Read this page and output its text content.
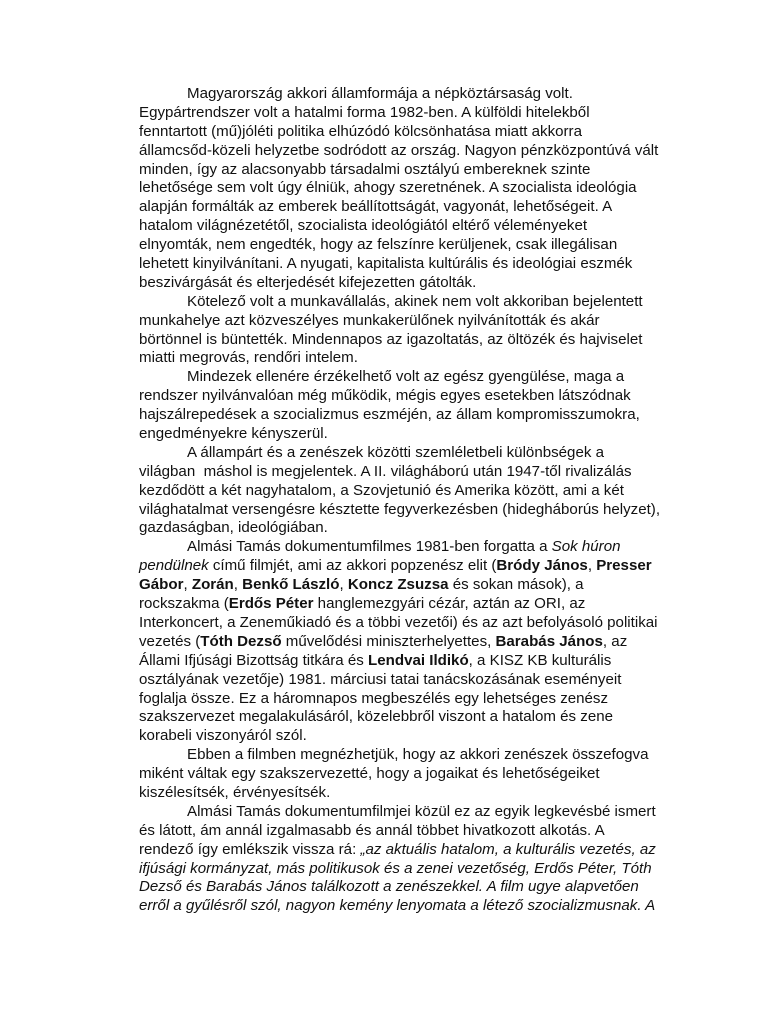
Magyarország akkori államformája a népköztársaság volt.
Egypártrendszer volt a hatalmi forma 1982-ben. A külföldi hitelekből
fenntartott (mű)jóléti politika elhúzódó kölcsönhatása miatt akkorra
államcsőd-közeli helyzetbe sodródott az ország. Nagyon pénzközpontúvá vált
minden, így az alacsonyabb társadalmi osztályú embereknek szinte
lehetősége sem volt úgy élniük, ahogy szeretnének. A szocialista ideológia
alapján formálták az emberek beállítottságát, vagyonát, lehetőségeit. A
hatalom világnézetétől, szocialista ideológiától eltérő véleményeket
elnyomták, nem engedték, hogy az felszínre kerüljenek, csak illegálisan
lehetett kinyilvánítani. A nyugati, kapitalista kultúrális és ideológiai eszmék
beszivárgását és elterjedését kifejezetten gátolták.
Kötelező volt a munkavállalás, akinek nem volt akkoriban bejelentett
munkahelye azt közveszélyes munkakerülőnek nyilvánították és akár
börtönnel is büntették. Mindennapos az igazoltatás, az öltözék és hajviselet
miatti megrovás, rendőri intelem.
Mindezek ellenére érzékelhető volt az egész gyengülése, maga a
rendszer nyilvánvalóan még működik, mégis egyes esetekben látszódnak
hajszálrepedések a szocializmus eszméjén, az állam kompromisszumokra,
engedményekre kényszerül.
A állampárt és a zenészek közötti szemléletbeli különbségek a
világban  máshol is megjelentek. A II. világháború után 1947-től rivalizálás
kezdődött a két nagyhatalom, a Szovjetunió és Amerika között, ami a két
világhatalmat versengésre késztette fegyverkezésben (hidegháborús helyzet),
gazdaságban, ideológiában.
Almási Tamás dokumentumfilmes 1981-ben forgatta a Sok húron
pendülnek című filmjét, ami az akkori popzenész elit (Bródy János, Presser
Gábor, Zorán, Benkő László, Koncz Zsuzsa és sokan mások), a
rockszakma (Erdős Péter hanglemezgyári cézár, aztán az ORI, az
Interkoncert, a Zeneműkiadó és a többi vezetői) és az azt befolyásoló politikai
vezetés (Tóth Dezső művelődési miniszterhelyettes, Barabás János, az
Állami Ifjúsági Bizottság titkára és Lendvai Ildikó, a KISZ KB kulturális
osztályának vezetője) 1981. márciusi tatai tanácskozásának eseményeit
foglalja össze. Ez a háromnapos megbeszélés egy lehetséges zenész
szakszervezet megalakulásáról, közelebbről viszont a hatalom és zene
korabeli viszonyáról szól.
Ebben a filmben megnézhetjük, hogy az akkori zenészek összefogva
miként váltak egy szakszervezetté, hogy a jogaikat és lehetőségeiket
kiszélesítsék, érvényesítsék.
Almási Tamás dokumentumfilmjei közül ez az egyik legkevésbé ismert
és látott, ám annál izgalmasabb és annál többet hivatkozott alkotás. A
rendező így emlékszik vissza rá: „az aktuális hatalom, a kulturális vezetés, az
ifjúsági kormányzat, más politikusok és a zenei vezetőség, Erdős Péter, Tóth
Dezső és Barabás János találkozott a zenészekkel. A film ugye alapvetően
erről a gyűlésről szól, nagyon kemény lenyomata a létező szocializmusnak. A
